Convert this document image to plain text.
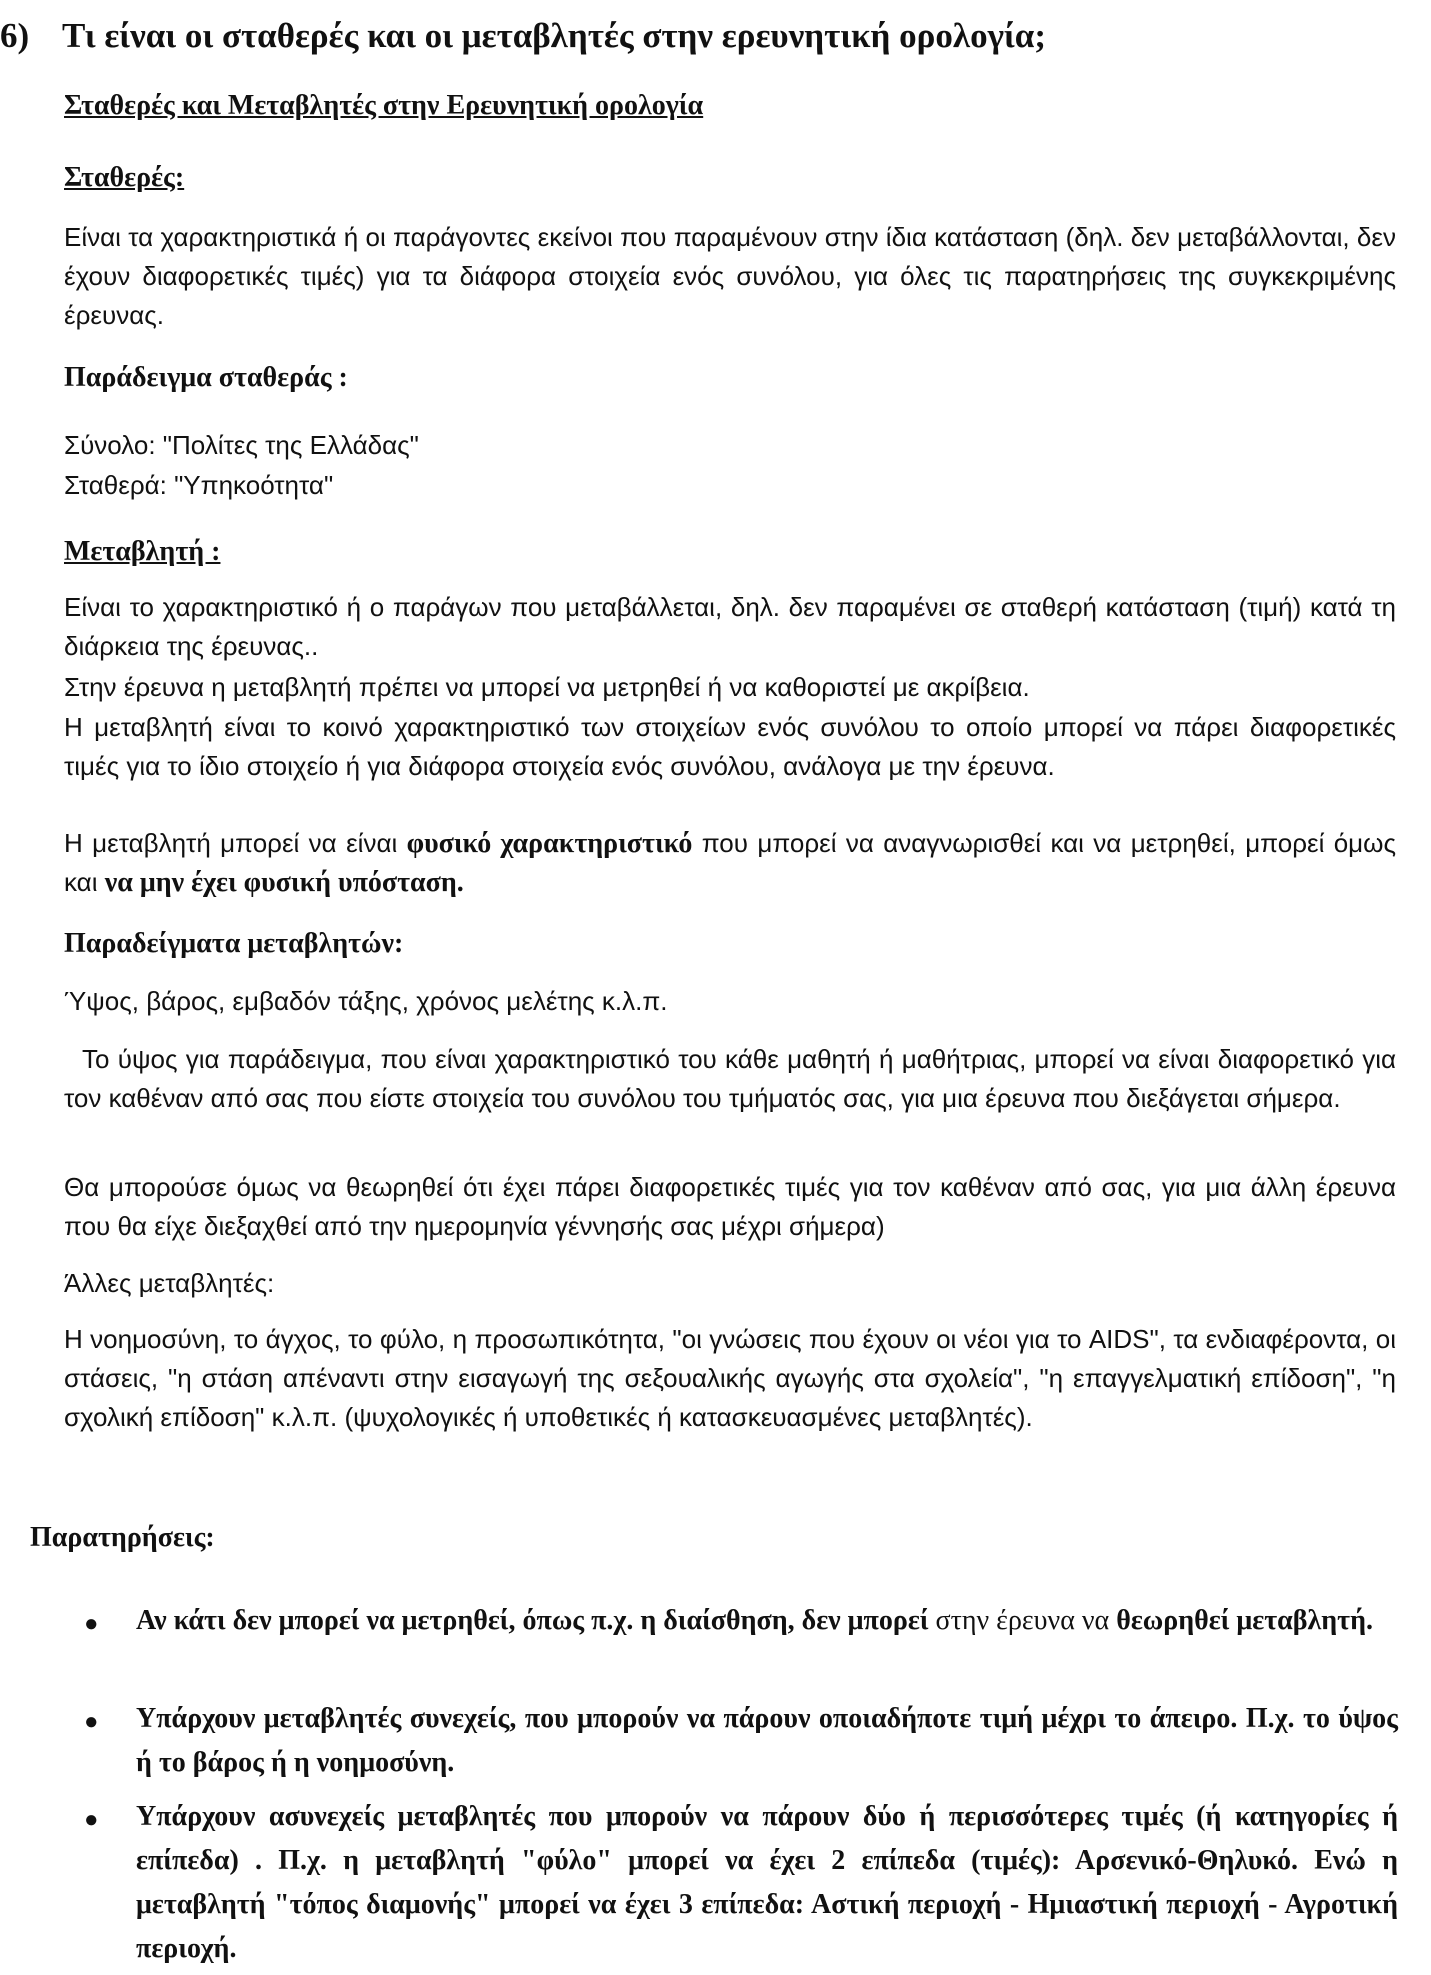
6) Τι είναι οι σταθερές και οι μεταβλητές στην ερευνητική ορολογία;
Σταθερές και Μεταβλητές στην Ερευνητική ορολογία
Σταθερές:
Είναι τα χαρακτηριστικά ή οι παράγοντες εκείνοι που παραμένουν στην ίδια κατάσταση (δηλ. δεν μεταβάλλονται, δεν έχουν διαφορετικές τιμές) για τα διάφορα στοιχεία ενός συνόλου, για όλες τις παρατηρήσεις της συγκεκριμένης έρευνας.
Παράδειγμα σταθεράς :
Σύνολο: "Πολίτες της Ελλάδας"
Σταθερά: "Υπηκοότητα"
Μεταβλητή :
Είναι το χαρακτηριστικό ή ο παράγων που μεταβάλλεται, δηλ. δεν παραμένει σε σταθερή κατάσταση (τιμή) κατά τη διάρκεια της έρευνας..
Στην έρευνα η μεταβλητή πρέπει να μπορεί να μετρηθεί ή να καθοριστεί με ακρίβεια.
Η μεταβλητή είναι το κοινό χαρακτηριστικό των στοιχείων ενός συνόλου το οποίο μπορεί να πάρει διαφορετικές τιμές για το ίδιο στοιχείο ή για διάφορα στοιχεία ενός συνόλου, ανάλογα με την έρευνα.
Η μεταβλητή μπορεί να είναι φυσικό χαρακτηριστικό που μπορεί να αναγνωρισθεί και να μετρηθεί, μπορεί όμως και να μην έχει φυσική υπόσταση.
Παραδείγματα μεταβλητών:
Ύψος, βάρος, εμβαδόν τάξης, χρόνος μελέτης κ.λ.π.
Το ύψος για παράδειγμα, που είναι χαρακτηριστικό του κάθε μαθητή ή μαθήτριας, μπορεί να είναι διαφορετικό για τον καθέναν από σας που είστε στοιχεία του συνόλου του τμήματός σας, για μια έρευνα που διεξάγεται σήμερα.
Θα μπορούσε όμως να θεωρηθεί ότι έχει πάρει διαφορετικές τιμές για τον καθέναν από σας, για μια άλλη έρευνα που θα είχε διεξαχθεί από την ημερομηνία γέννησής σας μέχρι σήμερα)
Άλλες μεταβλητές:
Η νοημοσύνη, το άγχος, το φύλο, η προσωπικότητα, "οι γνώσεις που έχουν οι νέοι για το AIDS", τα ενδιαφέροντα, οι στάσεις, "η στάση απέναντι στην εισαγωγή της σεξουαλικής αγωγής στα σχολεία", "η επαγγελματική επίδοση", "η σχολική επίδοση" κ.λ.π. (ψυχολογικές ή υποθετικές ή κατασκευασμένες μεταβλητές).
Παρατηρήσεις:
● Αν κάτι δεν μπορεί να μετρηθεί, όπως π.χ. η διαίσθηση, δεν μπορεί στην έρευνα να θεωρηθεί μεταβλητή.
● Υπάρχουν μεταβλητές συνεχείς, που μπορούν να πάρουν οποιαδήποτε τιμή μέχρι το άπειρο. Π.χ. το ύψος ή το βάρος ή η νοημοσύνη.
● Υπάρχουν ασυνεχείς μεταβλητές που μπορούν να πάρουν δύο ή περισσότερες τιμές (ή κατηγορίες ή επίπεδα) . Π.χ. η μεταβλητή "φύλο" μπορεί να έχει 2 επίπεδα (τιμές): Αρσενικό-Θηλυκό. Ενώ η μεταβλητή "τόπος διαμονής" μπορεί να έχει 3 επίπεδα: Αστική περιοχή - Ημιαστική περιοχή - Αγροτική περιοχή.
